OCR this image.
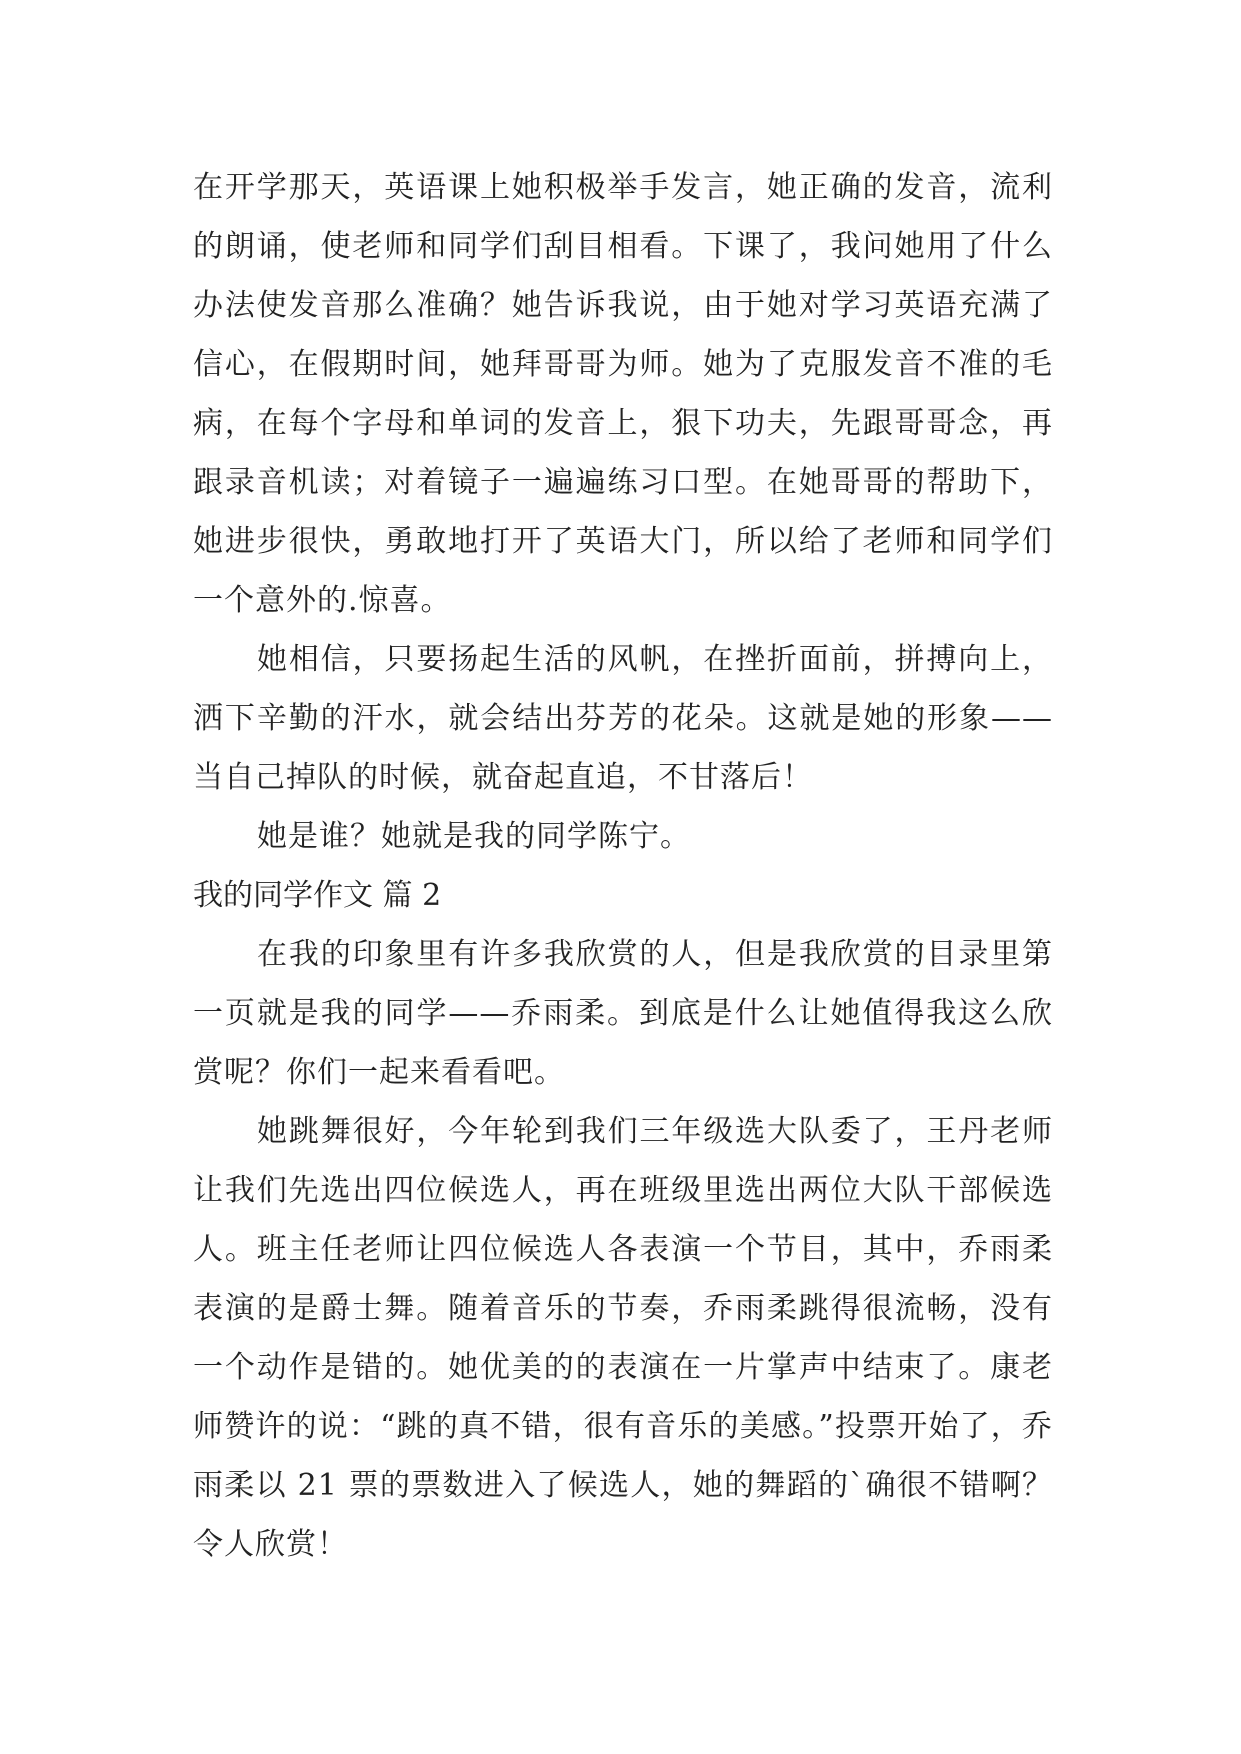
在开学那天，英语课上她积极举手发言，她正确的发音，流利的朗诵，使老师和同学们刮目相看。下课了，我问她用了什么办法使发音那么准确？她告诉我说，由于她对学习英语充满了信心，在假期时间，她拜哥哥为师。她为了克服发音不准的毛病，在每个字母和单词的发音上，狠下功夫，先跟哥哥念，再跟录音机读；对着镜子一遍遍练习口型。在她哥哥的帮助下，她进步很快，勇敢地打开了英语大门，所以给了老师和同学们一个意外的.惊喜。

她相信，只要扬起生活的风帆，在挫折面前，拼搏向上，洒下辛勤的汗水，就会结出芬芳的花朵。这就是她的形象——当自己掉队的时候，就奋起直追，不甘落后！

她是谁？她就是我的同学陈宁。

我的同学作文 篇 2

在我的印象里有许多我欣赏的人，但是我欣赏的目录里第一页就是我的同学——乔雨柔。到底是什么让她值得我这么欣赏呢？你们一起来看看吧。

她跳舞很好，今年轮到我们三年级选大队委了，王丹老师让我们先选出四位候选人，再在班级里选出两位大队干部候选人。班主任老师让四位候选人各表演一个节目，其中，乔雨柔表演的是爵士舞。随着音乐的节奏，乔雨柔跳得很流畅，没有一个动作是错的。她优美的的表演在一片掌声中结束了。康老师赞许的说：“跳的真不错，很有音乐的美感。”投票开始了，乔雨柔以 21 票的票数进入了候选人，她的舞蹈的`确很不错啊？令人欣赏！
